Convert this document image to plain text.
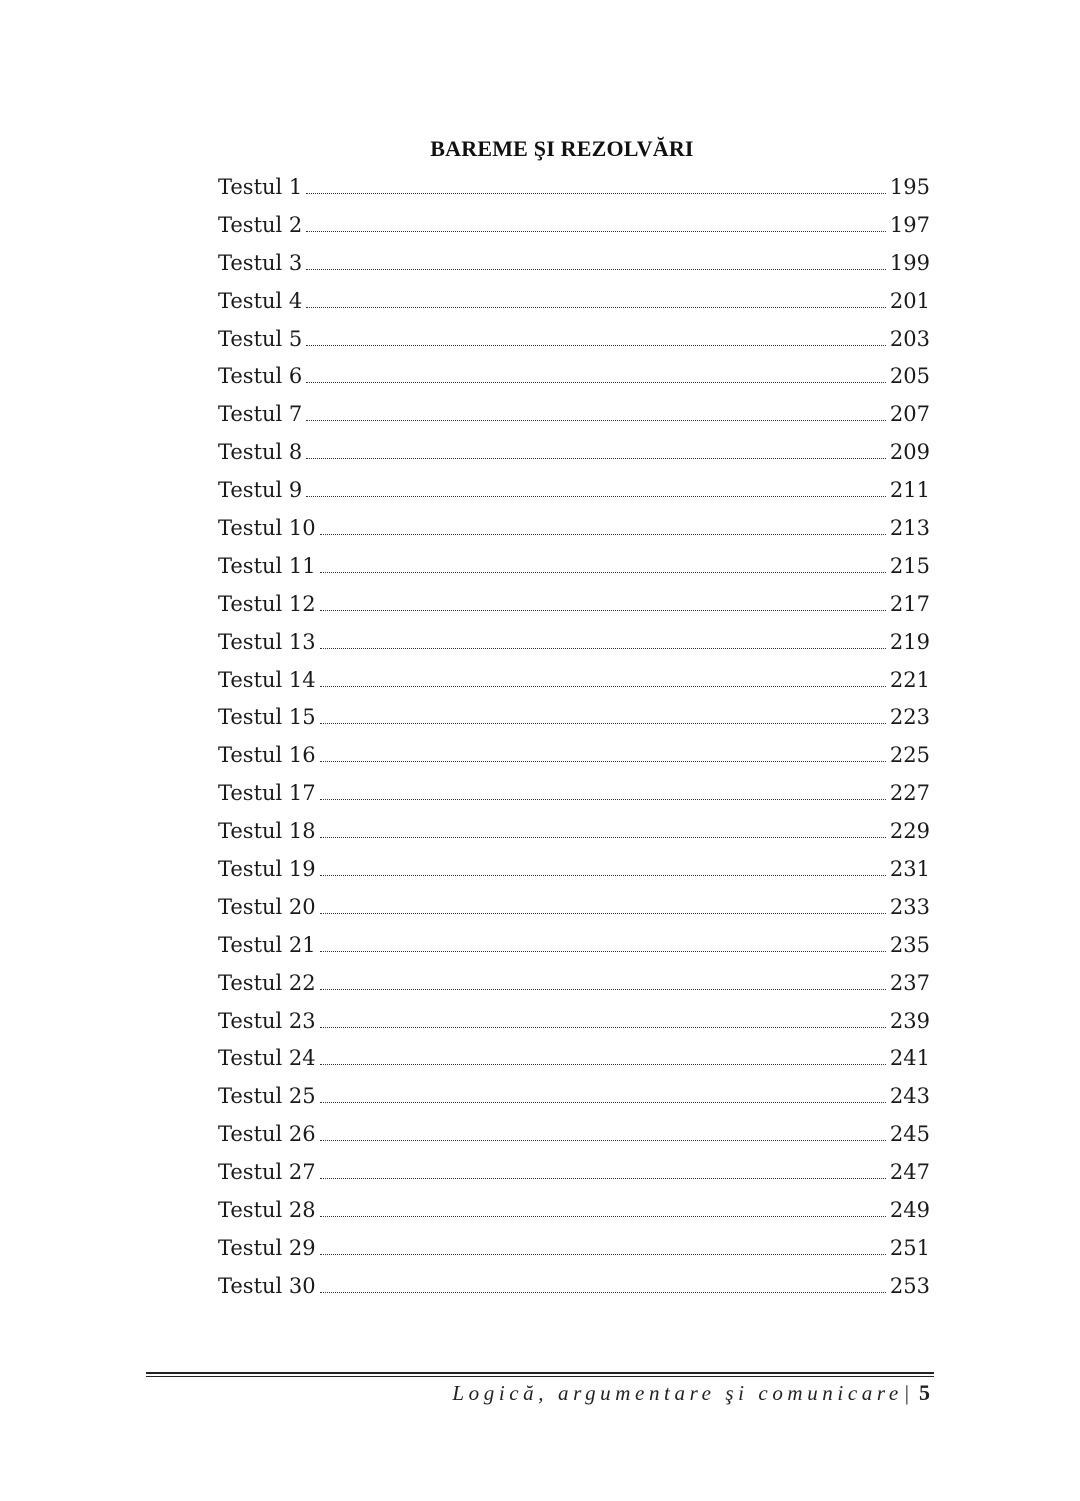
BAREME ŞI REZOLVĂRI
Testul 1	195
Testul 2	197
Testul 3	199
Testul 4	201
Testul 5	203
Testul 6	205
Testul 7	207
Testul 8	209
Testul 9	211
Testul 10	213
Testul 11	215
Testul 12	217
Testul 13	219
Testul 14	221
Testul 15	223
Testul 16	225
Testul 17	227
Testul 18	229
Testul 19	231
Testul 20	233
Testul 21	235
Testul 22	237
Testul 23	239
Testul 24	241
Testul 25	243
Testul 26	245
Testul 27	247
Testul 28	249
Testul 29	251
Testul 30	253
Logică, argumentare şi comunicare | 5
